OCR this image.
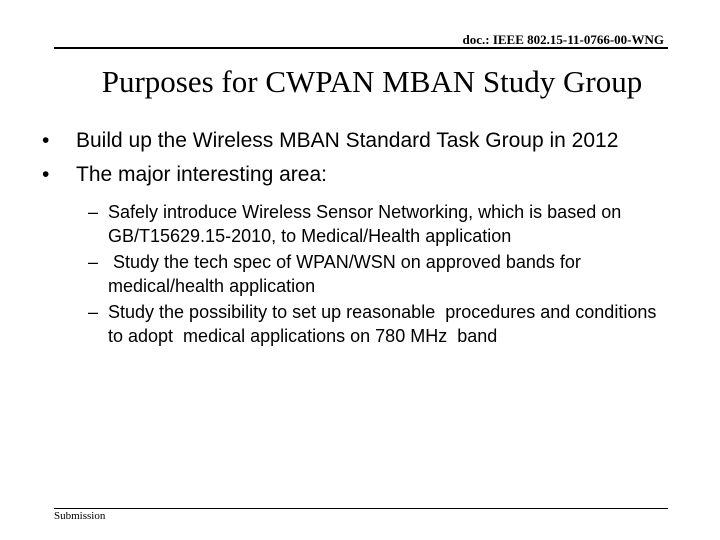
doc.: IEEE 802.15-11-0766-00-WNG
Purposes for CWPAN MBAN Study Group
•	Build up the Wireless MBAN Standard Task Group in 2012
•	The major interesting area:
– Safely introduce Wireless Sensor Networking, which is based on GB/T15629.15-2010, to Medical/Health application
– Study the tech spec of WPAN/WSN on approved bands for medical/health application
– Study the possibility to set up reasonable  procedures and conditions to adopt  medical applications on 780 MHz  band
Submission
